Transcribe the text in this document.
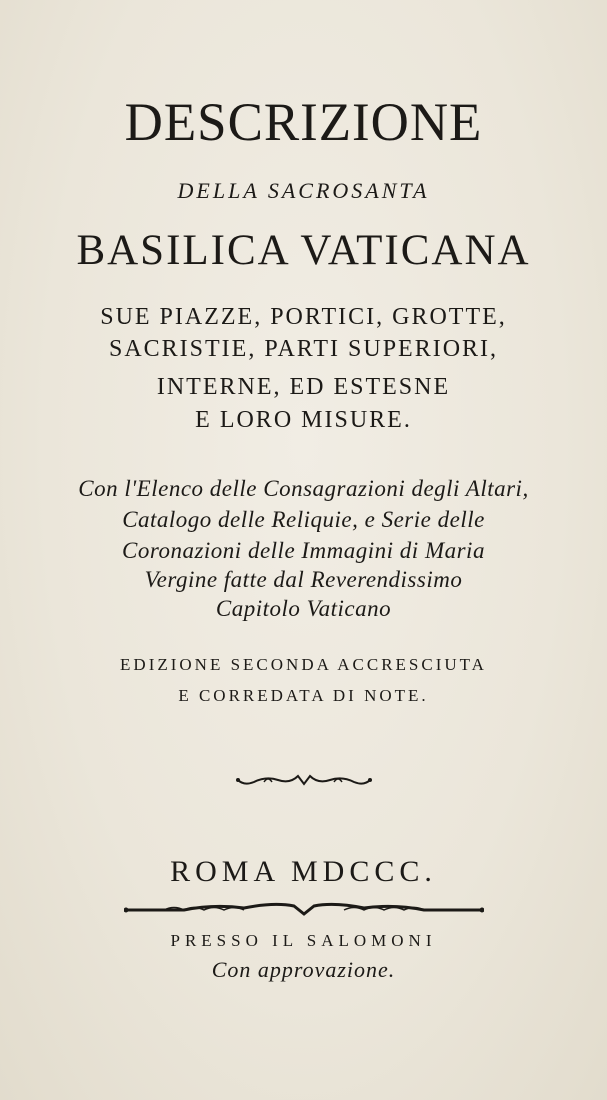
DESCRIZIONE
DELLA SACROSANTA
BASILICA VATICANA
SUE PIAZZE, PORTICI, GROTTE,
SACRISTIE, PARTI SUPERIORI,
INTERNE, ED ESTESNE
E LORO MISURE.
Con l'Elenco delle Consagrazioni degli Altari,
Catalogo delle Reliquie, e Serie delle
Coronazioni delle Immagini di Maria
Vergine fatte dal Reverendissimo
Capitolo Vaticano
EDIZIONE SECONDA ACCRESCIUTA
E CORREDATA DI NOTE.
ROMA MDCCC.
PRESSO IL SALOMONI
Con approvazione.
